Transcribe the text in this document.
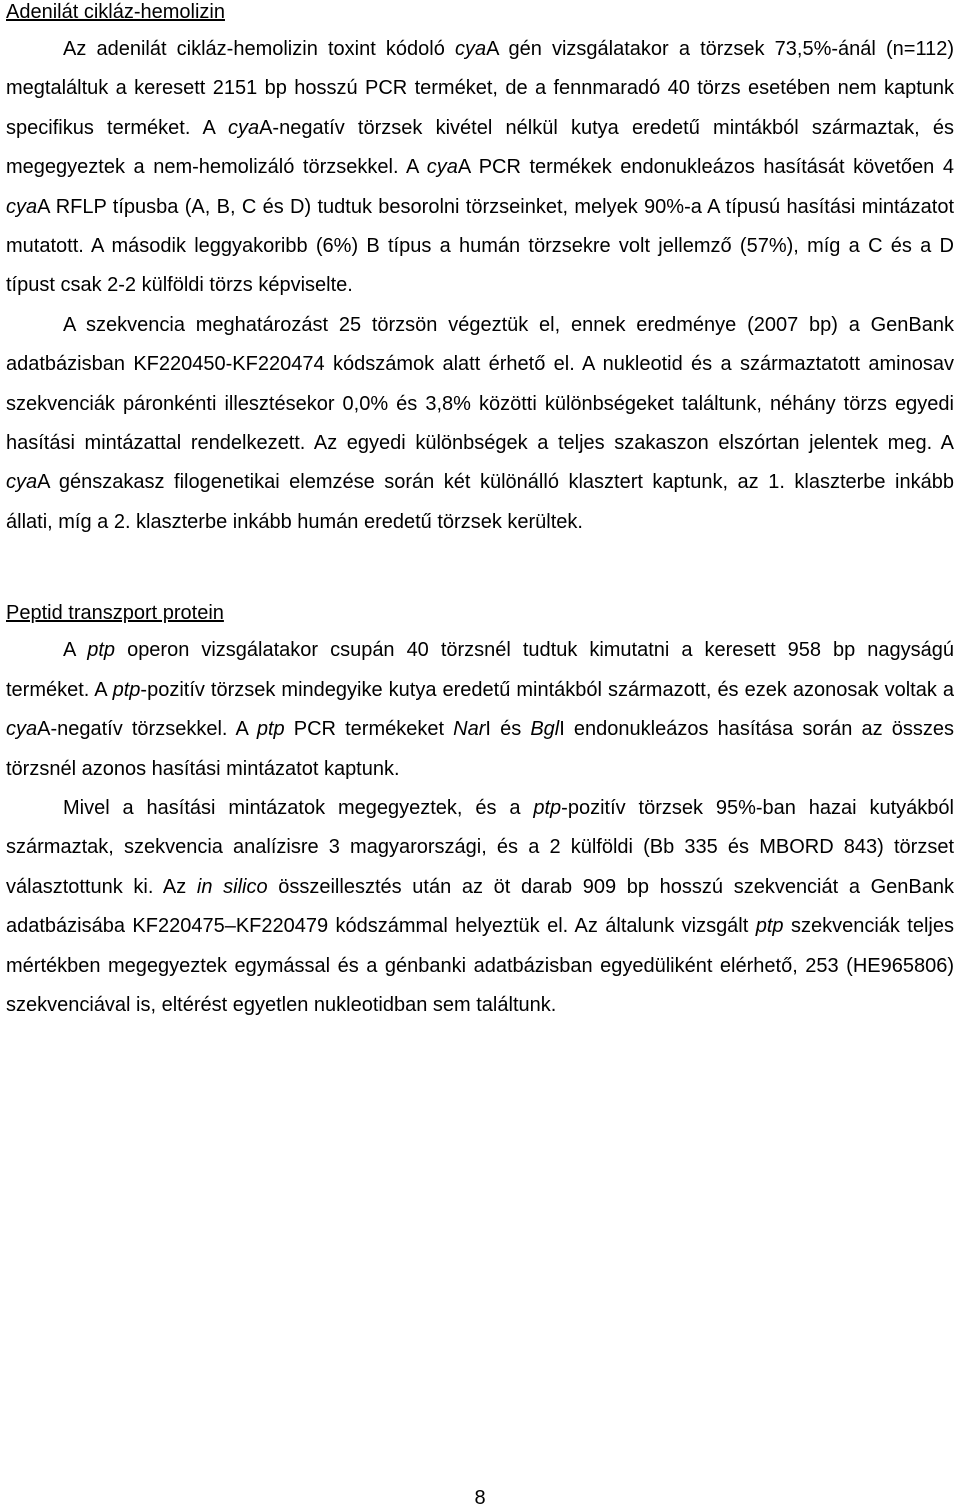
Adenilát cikláz-hemolizin

Az adenilát cikláz-hemolizin toxint kódoló cyaA gén vizsgálatakor a törzsek 73,5%-ánál (n=112) megtaláltuk a keresett 2151 bp hosszú PCR terméket, de a fennmaradó 40 törzs esetében nem kaptunk specifikus terméket. A cyaA-negatív törzsek kivétel nélkül kutya eredetű mintákból származtak, és megegyeztek a nem-hemolizáló törzsekkel. A cyaA PCR termékek endonukleázos hasítását követően 4 cyaA RFLP típusba (A, B, C és D) tudtuk besorolni törzseinket, melyek 90%-a A típusú hasítási mintázatot mutatott. A második leggyakoribb (6%) B típus a humán törzsekre volt jellemző (57%), míg a C és a D típust csak 2-2 külföldi törzs képviselte.

A szekvencia meghatározást 25 törzsön végeztük el, ennek eredménye (2007 bp) a GenBank adatbázisban KF220450-KF220474 kódszámok alatt érhető el. A nukleotid és a származtatott aminosav szekvenciák páronkénti illesztésekor 0,0% és 3,8% közötti különbségeket találtunk, néhány törzs egyedi hasítási mintázattal rendelkezett. Az egyedi különbségek a teljes szakaszon elszórtan jelentek meg. A cyaA génszakasz filogenetikai elemzése során két különálló klasztert kaptunk, az 1. klaszterbe inkább állati, míg a 2. klaszterbe inkább humán eredetű törzsek kerültek.

Peptid transzport protein

A ptp operon vizsgálatakor csupán 40 törzsnél tudtuk kimutatni a keresett 958 bp nagyságú terméket. A ptp-pozitív törzsek mindegyike kutya eredetű mintákból származott, és ezek azonosak voltak a cyaA-negatív törzsekkel. A ptp PCR termékeket NarI és BglI endonukleázos hasítása során az összes törzsnél azonos hasítási mintázatot kaptunk.

Mivel a hasítási mintázatok megegyeztek, és a ptp-pozitív törzsek 95%-ban hazai kutyákból származtak, szekvencia analízisre 3 magyarországi, és a 2 külföldi (Bb 335 és MBORD 843) törzset választottunk ki. Az in silico összeillesztés után az öt darab 909 bp hosszú szekvenciát a GenBank adatbázisába KF220475–KF220479 kódszámmal helyeztük el. Az általunk vizsgált ptp szekvenciák teljes mértékben megegyeztek egymással és a génbanki adatbázisban egyedüliként elérhető, 253 (HE965806) szekvenciával is, eltérést egyetlen nukleotidban sem találtunk.

8
